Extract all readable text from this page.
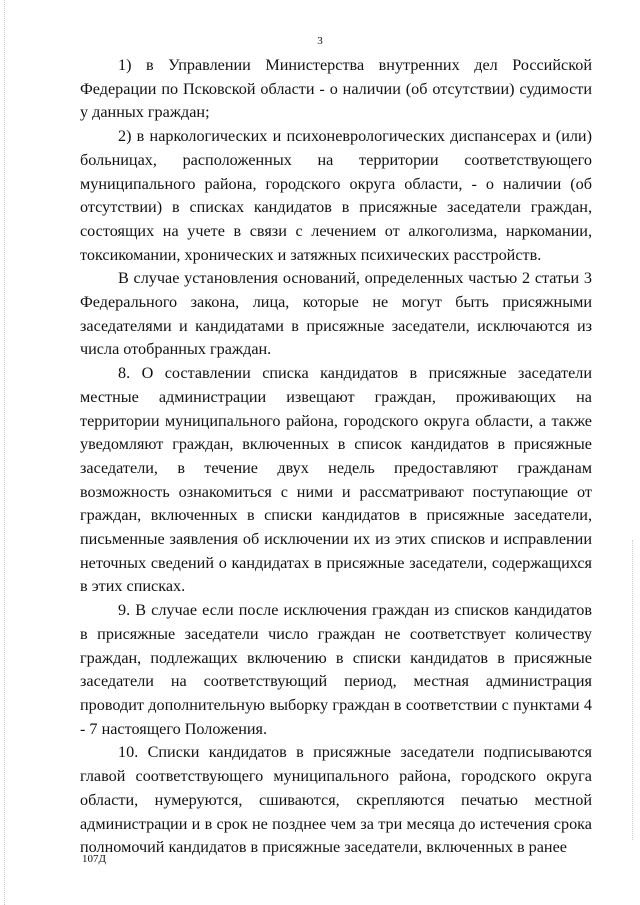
3

1) в Управлении Министерства внутренних дел Российской Федерации по Псковской области - о наличии (об отсутствии) судимости у данных граждан;

2) в наркологических и психоневрологических диспансерах и (или) больницах, расположенных на территории соответствующего муниципального района, городского округа области, - о наличии (об отсутствии) в списках кандидатов в присяжные заседатели граждан, состоящих на учете в связи с лечением от алкоголизма, наркомании, токсикомании, хронических и затяжных психических расстройств.

В случае установления оснований, определенных частью 2 статьи 3 Федерального закона, лица, которые не могут быть присяжными заседателями и кандидатами в присяжные заседатели, исключаются из числа отобранных граждан.

8. О составлении списка кандидатов в присяжные заседатели местные администрации извещают граждан, проживающих на территории муниципального района, городского округа области, а также уведомляют граждан, включенных в список кандидатов в присяжные заседатели, в течение двух недель предоставляют гражданам возможность ознакомиться с ними и рассматривают поступающие от граждан, включенных в списки кандидатов в присяжные заседатели, письменные заявления об исключении их из этих списков и исправлении неточных сведений о кандидатах в присяжные заседатели, содержащихся в этих списках.

9. В случае если после исключения граждан из списков кандидатов в присяжные заседатели число граждан не соответствует количеству граждан, подлежащих включению в списки кандидатов в присяжные заседатели на соответствующий период, местная администрация проводит дополнительную выборку граждан в соответствии с пунктами 4 - 7 настоящего Положения.

10. Списки кандидатов в присяжные заседатели подписываются главой соответствующего муниципального района, городского округа области, нумеруются, сшиваются, скрепляются печатью местной администрации и в срок не позднее чем за три месяца до истечения срока полномочий кандидатов в присяжные заседатели, включенных в ранее

107Д
